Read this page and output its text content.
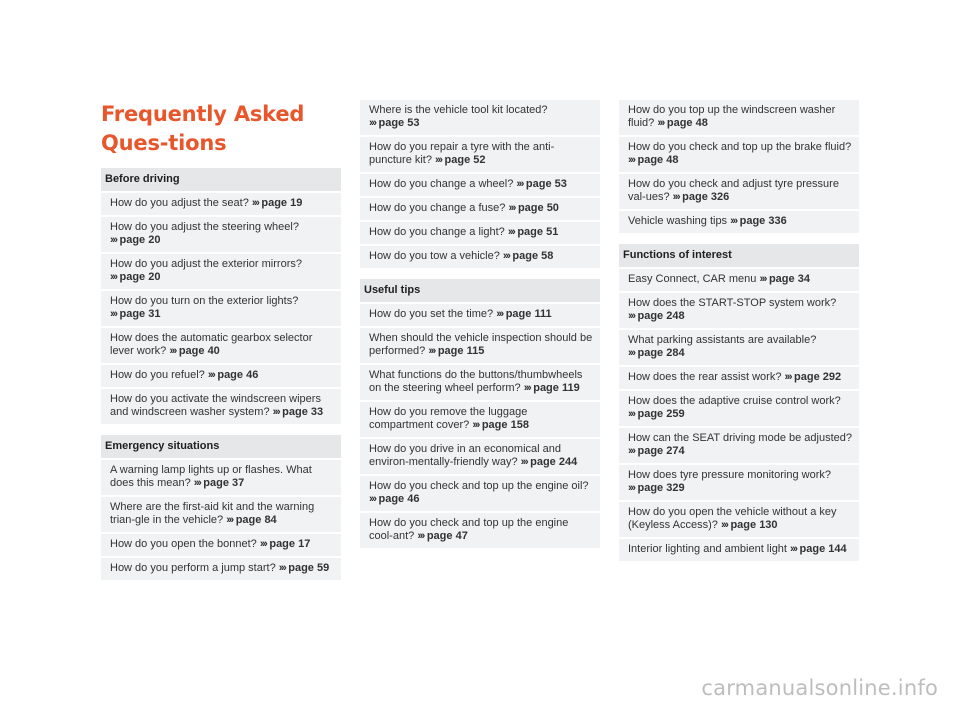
Frequently Asked Ques-tions
Before driving
How do you adjust the seat? ››› page 19
How do you adjust the steering wheel? ››› page 20
How do you adjust the exterior mirrors? ››› page 20
How do you turn on the exterior lights? ››› page 31
How does the automatic gearbox selector lever work? ››› page 40
How do you refuel? ››› page 46
How do you activate the windscreen wipers and windscreen washer system? ››› page 33
Emergency situations
A warning lamp lights up or flashes. What does this mean? ››› page 37
Where are the first-aid kit and the warning trian-gle in the vehicle? ››› page 84
How do you open the bonnet? ››› page 17
How do you perform a jump start? ››› page 59
Where is the vehicle tool kit located? ››› page 53
How do you repair a tyre with the anti-puncture kit? ››› page 52
How do you change a wheel? ››› page 53
How do you change a fuse? ››› page 50
How do you change a light? ››› page 51
How do you tow a vehicle? ››› page 58
Useful tips
How do you set the time? ››› page 111
When should the vehicle inspection should be performed? ››› page 115
What functions do the buttons/thumbwheels on the steering wheel perform? ››› page 119
How do you remove the luggage compartment cover? ››› page 158
How do you drive in an economical and environ-mentally-friendly way? ››› page 244
How do you check and top up the engine oil? ››› page 46
How do you check and top up the engine cool-ant? ››› page 47
How do you top up the windscreen washer fluid? ››› page 48
How do you check and top up the brake fluid? ››› page 48
How do you check and adjust tyre pressure val-ues? ››› page 326
Vehicle washing tips ››› page 336
Functions of interest
Easy Connect, CAR menu ››› page 34
How does the START-STOP system work? ››› page 248
What parking assistants are available? ››› page 284
How does the rear assist work? ››› page 292
How does the adaptive cruise control work? ››› page 259
How can the SEAT driving mode be adjusted? ››› page 274
How does tyre pressure monitoring work? ››› page 329
How do you open the vehicle without a key (Keyless Access)? ››› page 130
Interior lighting and ambient light ››› page 144
carmanualsonline.info
